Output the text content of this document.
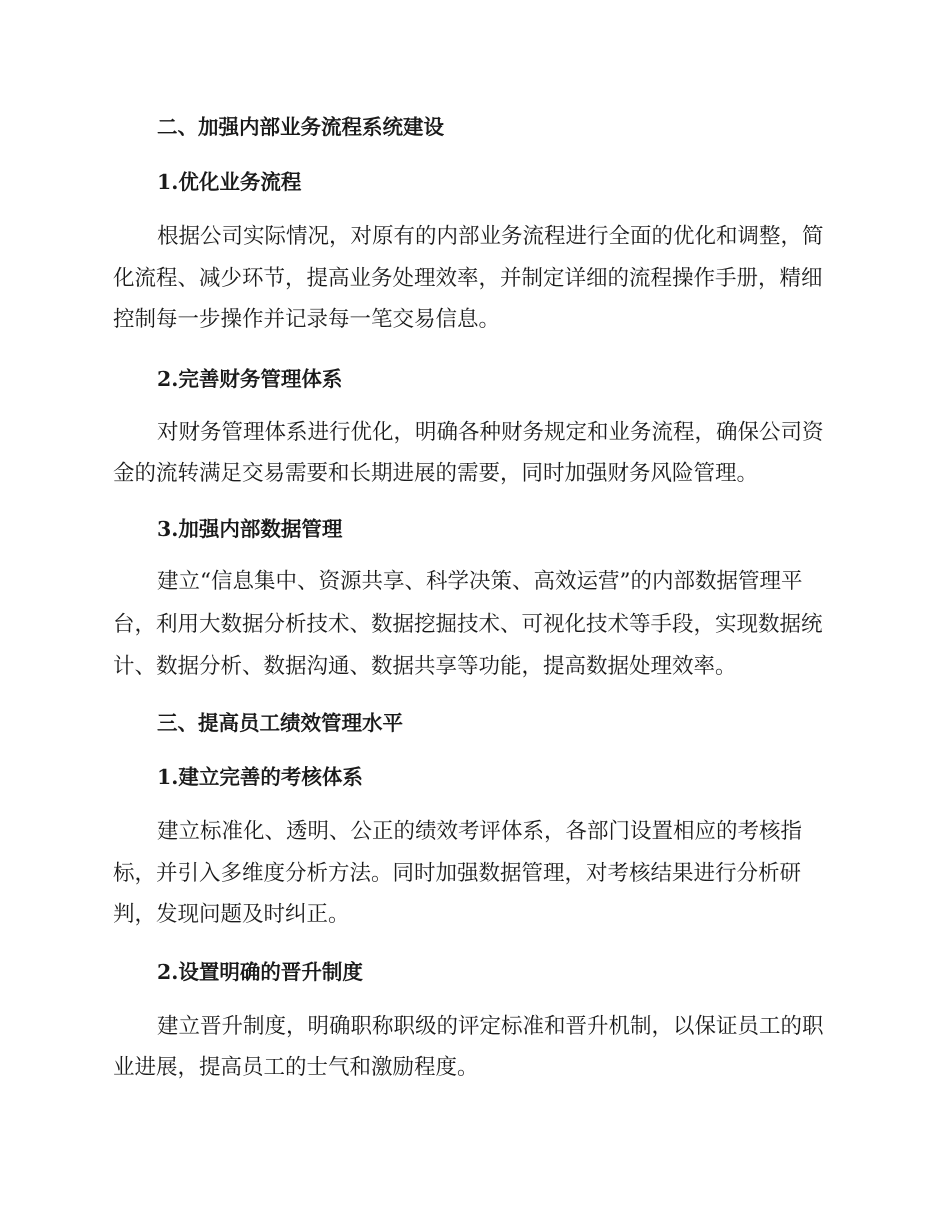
二、加强内部业务流程系统建设
1.优化业务流程
根据公司实际情况，对原有的内部业务流程进行全面的优化和调整，简
化流程、减少环节，提高业务处理效率，并制定详细的流程操作手册，精细
控制每一步操作并记录每一笔交易信息。
2.完善财务管理体系
对财务管理体系进行优化，明确各种财务规定和业务流程，确保公司资
金的流转满足交易需要和长期进展的需要，同时加强财务风险管理。
3.加强内部数据管理
建立“信息集中、资源共享、科学决策、高效运营”的内部数据管理平
台，利用大数据分析技术、数据挖掘技术、可视化技术等手段，实现数据统
计、数据分析、数据沟通、数据共享等功能，提高数据处理效率。
三、提高员工绩效管理水平
1.建立完善的考核体系
建立标准化、透明、公正的绩效考评体系，各部门设置相应的考核指
标，并引入多维度分析方法。同时加强数据管理，对考核结果进行分析研
判，发现问题及时纠正。
2.设置明确的晋升制度
建立晋升制度，明确职称职级的评定标准和晋升机制，以保证员工的职
业进展，提高员工的士气和激励程度。
